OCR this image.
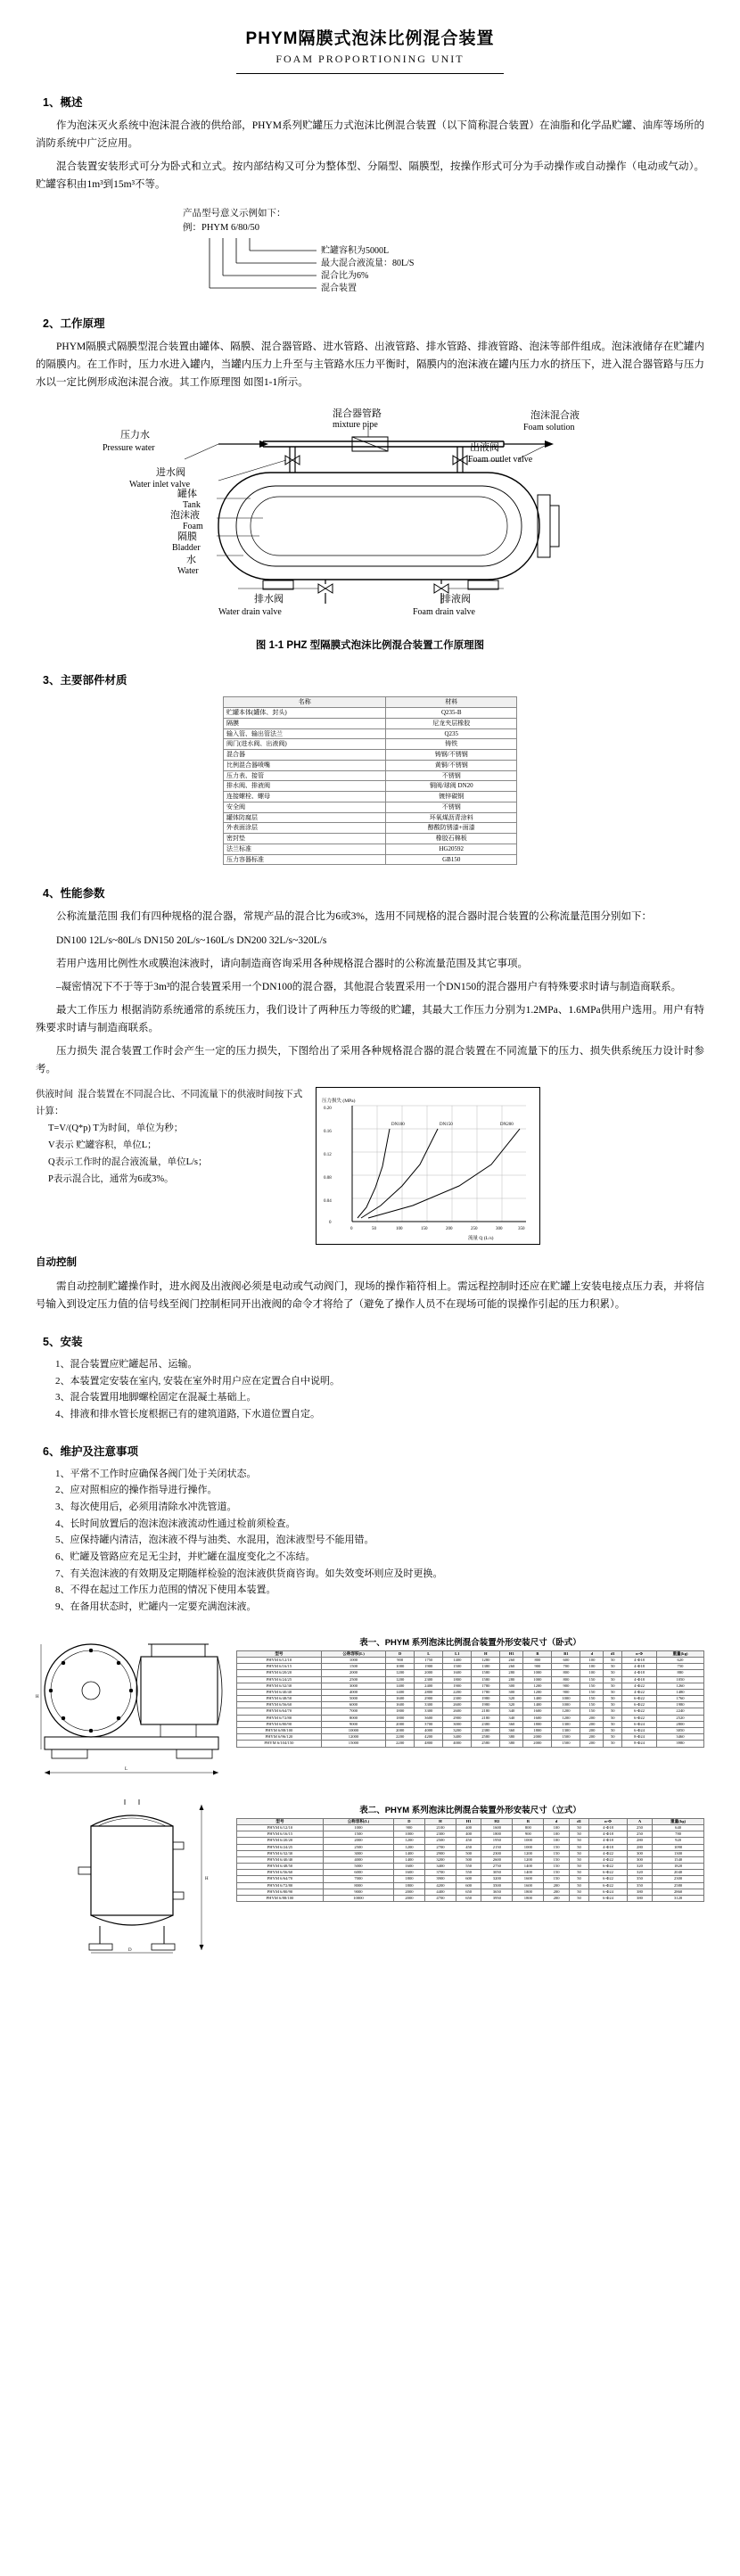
PHYM隔膜式泡沫比例混合装置
FOAM PROPORTIONING UNIT
1、概述

作为泡沫灭火系统中泡沫混合液的供给部，PHYM系列贮罐压力式泡沫比例混合装置（以下简称混合装置）在油脂和化学品贮罐、油库等场所的消防系统中广泛应用。

混合装置安装形式可分为卧式和立式。按内部结构又可分为整体型、分隔型、隔膜型，按操作形式可分为手动操作或自动操作（电动或气动）。贮罐容积由1m³到15m³不等。

产品型号意义示例如下：
例：PHYM 6/80/50
贮罐容积为5000L
最大混合液流量：80L/S
混合比为6%
混合装置
2、工作原理

PHYM隔膜式隔膜型混合装置由罐体、隔膜、混合器管路、进水管路、出液管路、排水管路、排液管路、泡沫等部件组成。泡沫液储存在贮罐内的隔膜内。在工作时，压力水进入罐内，当罐内压力上升至与主管路水压力平衡时，隔膜内的泡沫液在罐内压力水的挤压下，进入混合器管路与压力水以一定比例形成泡沫混合液。其工作原理图 如图1-1所示。

压力水
Pressure water
混合器管路
mixture pipe
泡沫混合液
Foam solution
进水阀
Water inlet valve
出液阀
Foam outlet valve
罐体
Tank
泡沫液
Foam
隔膜
Bladder
水
Water
排水阀
Water drain valve
排液阀
Foam drain valve
图 1-1 PHZ 型隔膜式泡沫比例混合装置工作原理图
3、主要部件材质
名称	材料
贮罐本体(罐体、封头)	Q235-B
隔膜	尼龙夹层橡胶
输入管、输出管法兰	Q235
阀门(进水阀、出液阀)	铸铁
混合器	铸钢/不锈钢
比例混合器喷嘴	黄铜/不锈钢
压力表、接管	不锈钢
排水阀、排液阀	铜阀/球阀 DN20
连接螺栓、螺母	镀锌碳钢
安全阀	不锈钢
罐体防腐层	环氧煤沥青涂料
外表面涂层	醇酸防锈漆+面漆
密封垫	橡胶石棉板
法兰标准	HG20592
压力容器标准	GB150
4、性能参数

公称流量范围 我们有四种规格的混合器，常规产品的混合比为6或3%，选用不同规格的混合器时混合装置的公称流量范围分别如下：

DN100 12L/s~80L/s DN150 20L/s~160L/s DN200 32L/s~320L/s

若用户选用比例性水或膜泡沫液时，请向制造商咨询采用各种规格混合器时的公称流量范围及其它事项。

–凝密情况下不于等于3m³的混合装置采用一个DN100的混合器，其他混合装置采用一个DN150的混合器用户有特殊要求时请与制造商联系。

最大工作压力 根据消防系统通常的系统压力，我们设计了两种压力等级的贮罐，其最大工作压力分别为1.2MPa、1.6MPa供用户选用。用户有特殊要求时请与制造商联系。

压力损失 混合装置工作时会产生一定的压力损失，下图给出了采用各种规格混合器的混合装置在不同流量下的压力、损失供系统压力设计时参考。

供液时间 混合装置在不同混合比、不同流量下的供液时间按下式计算：
T=V/(Q*p) T为时间，单位为秒；
V表示 贮罐容积，单位L；
Q表示工作时的混合液流量，单位L/s；
P表示混合比，通常为6或3%。
0.20
0.16
0.12
0.08
0.04
0
0	50	100	150	200	250	300	350
压力损失 (MPa)
流量 Q (L/s)
DN100	DN150	DN200

自动控制

需自动控制贮罐操作时，进水阀及出液阀必须是电动或气动阀门，现场的操作箱符相上。需远程控制时还应在贮罐上安装电接点压力表，并将信号输入到设定压力值的信号线至阀门控制柜同开出液阀的命令才将给了（避免了操作人员不在现场可能的误操作引起的压力积累）。

5、安装
1、混合装置应贮罐起吊、运输。
2、本装置定安装在室内, 安装在室外时用户应在定置合自中说明。
3、混合装置用地脚螺栓固定在混凝土基础上。
4、排液和排水管长度根据已有的建筑道路, 下水道位置自定。
6、维护及注意事项
1、平常不工作时应确保各阀门处于关闭状态。
2、应对照相应的操作指导进行操作。
3、每次使用后，必须用清除水冲洗管道。
4、长时间放置后的泡沫泡沫液流动性通过检前须检查。
5、应保持罐内清洁，泡沫液不得与油类、水混用，泡沫液型号不能用错。
6、贮罐及管路应充足无尘封，并贮罐在温度变化之不冻结。
7、有关泡沫液的有效期及定期随样检验的泡沫液供货商咨询。如失效变坏则应及时更换。
8、不得在起过工作压力范围的情况下使用本装置。
9、在备用状态时，贮罐内一定要充满泡沫液。
L
H
表一、PHYM 系列泡沫比例混合装置外形安装尺寸（卧式）
型号	公称容积(L)	D	L	L1	H	H1	B	B1	d	d1	n-Φ	重量(kg)
PHYM 6/12/10	1000	900	1750	1400	1280	260	800	600	100	50	4-Φ18	620
PHYM 6/16/15	1500	1000	1900	1500	1380	260	900	700	100	50	4-Φ18	750
PHYM 6/20/20	2000	1200	2000	1600	1580	280	1000	800	100	50	4-Φ18	880
PHYM 6/24/25	2500	1200	2300	1800	1580	280	1000	800	150	50	4-Φ18	1050
PHYM 6/32/30	3000	1400	2400	1900	1780	300	1200	900	150	50	4-Φ22	1260
PHYM 6/40/40	4000	1400	2800	2200	1780	300	1200	900	150	50	4-Φ22	1480
PHYM 6/48/50	5000	1600	2900	2300	1980	320	1400	1000	150	50	6-Φ22	1760
PHYM 6/56/60	6000	1600	3300	2600	1980	320	1400	1000	150	50	6-Φ22	1980
PHYM 6/64/70	7000	1800	3300	2600	2180	340	1600	1200	150	50	6-Φ22	2240
PHYM 6/72/80	8000	1800	3600	2900	2180	340	1600	1200	200	50	6-Φ22	2520
PHYM 6/80/90	9000	2000	3700	3000	2380	360	1800	1300	200	50	6-Φ24	2800
PHYM 6/88/100	10000	2000	4000	3200	2380	360	1800	1300	200	50	6-Φ24	3050
PHYM 6/96/120	12000	2200	4200	3400	2580	380	2000	1500	200	50	8-Φ24	3460
PHYM 6/104/150	15000	2200	4800	4000	2580	380	2000	1500	200	50	8-Φ24	3980
H
D
表二、PHYM 系列泡沫比例混合装置外形安装尺寸（立式）
型号	公称容积(L)	D	H	H1	H2	B	d	d1	n-Φ	A	重量(kg)
PHYM 6/12/10	1000	900	2100	400	1600	800	100	50	4-Φ18	250	640
PHYM 6/16/15	1500	1000	2300	400	1800	900	100	50	4-Φ18	250	780
PHYM 6/20/20	2000	1200	2500	450	1950	1000	100	50	4-Φ18	280	920
PHYM 6/24/25	2500	1200	2700	450	2150	1000	150	50	4-Φ18	280	1090
PHYM 6/32/30	3000	1400	2900	500	2300	1200	150	50	4-Φ22	300	1300
PHYM 6/40/40	4000	1400	3200	500	2600	1200	150	50	4-Φ22	300	1540
PHYM 6/48/50	5000	1600	3400	550	2750	1400	150	50	6-Φ22	320	1820
PHYM 6/56/60	6000	1600	3700	550	3050	1400	150	50	6-Φ22	320	2040
PHYM 6/64/70	7000	1800	3900	600	3200	1600	150	50	6-Φ22	350	2300
PHYM 6/72/80	8000	1800	4200	600	3500	1600	200	50	6-Φ22	350	2580
PHYM 6/80/90	9000	2000	4400	650	3650	1800	200	50	6-Φ24	380	2860
PHYM 6/88/100	10000	2000	4700	650	3950	1800	200	50	6-Φ24	380	3120
